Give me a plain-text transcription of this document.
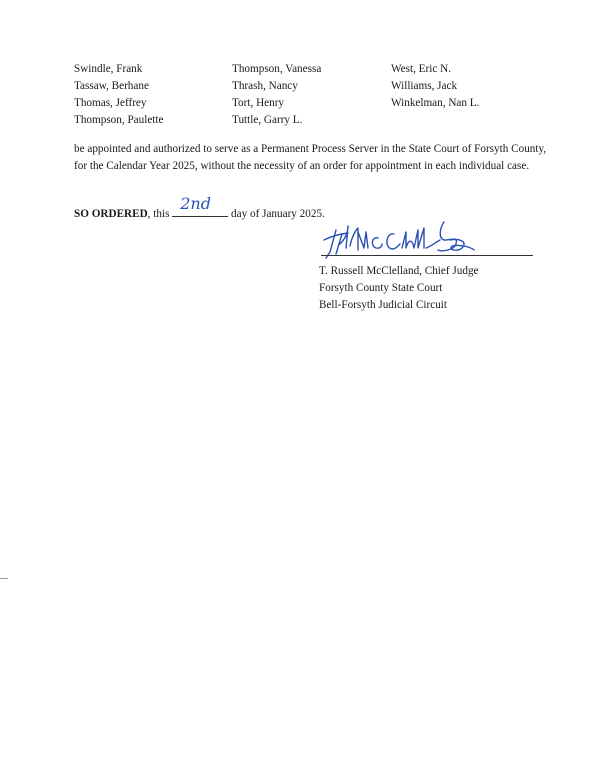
Swindle, Frank
Tassaw, Berhane
Thomas, Jeffrey
Thompson, Paulette
Thompson, Vanessa
Thrash, Nancy
Tort, Henry
Tuttle, Garry L.
West, Eric N.
Williams, Jack
Winkelman, Nan L.
be appointed and authorized to serve as a Permanent Process Server in the State Court of Forsyth County,
for the Calendar Year 2025, without the necessity of an order for appointment in each individual case.
SO ORDERED, this
2nd
day of January 2025.
T. Russell McClelland, Chief Judge
Forsyth County State Court
Bell-Forsyth Judicial Circuit
